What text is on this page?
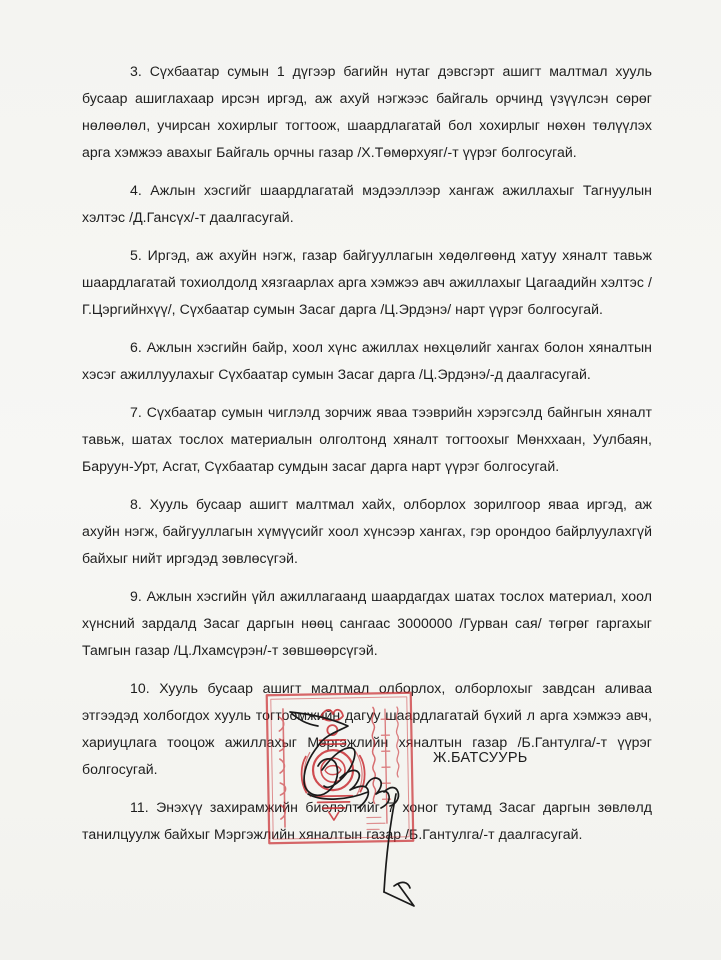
3. Сүхбаатар сумын 1 дүгээр багийн нутаг дэвсгэрт ашигт малтмал хууль бусаар ашиглахаар ирсэн иргэд, аж ахуй нэгжээс байгаль орчинд үзүүлсэн сөрөг нөлөөлөл, учирсан хохирлыг тогтоож, шаардлагатай бол хохирлыг нөхөн төлүүлэх арга хэмжээ авахыг Байгаль орчны газар /Х.Төмөрхуяг/-т үүрэг болгосугай.

4. Ажлын хэсгийг шаардлагатай мэдээллээр хангаж ажиллахыг Тагнуулын хэлтэс /Д.Гансүх/-т даалгасугай.

5. Иргэд, аж ахуйн нэгж, газар байгууллагын хөдөлгөөнд хатуу хяналт тавьж шаардлагатай тохиолдолд хязгаарлах арга хэмжээ авч ажиллахыг Цагаадийн хэлтэс /Г.Цэргийнхүү/, Сүхбаатар сумын Засаг дарга /Ц.Эрдэнэ/ нарт үүрэг болгосугай.

6. Ажлын хэсгийн байр, хоол хүнс ажиллах нөхцөлийг хангах болон хяналтын хэсэг ажиллуулахыг Сүхбаатар сумын Засаг дарга /Ц.Эрдэнэ/-д даалгасугай.

7. Сүхбаатар сумын чиглэлд зорчиж яваа тээврийн хэрэгсэлд байнгын хяналт тавьж, шатах тослох материалын олголтонд хяналт тогтоохыг Мөнххаан, Уулбаян, Баруун-Урт, Асгат, Сүхбаатар сумдын засаг дарга нарт үүрэг болгосугай.

8. Хууль бусаар ашигт малтмал хайх, олборлох зорилгоор яваа иргэд, аж ахуйн нэгж, байгууллагын хүмүүсийг хоол хүнсээр хангах, гэр орондоо байрлуулахгүй байхыг нийт иргэдэд зөвлөсүгэй.

9. Ажлын хэсгийн үйл ажиллагаанд шаардагдах шатах тослох материал, хоол хүнсний зардалд Засаг даргын нөөц сангаас 3000000 /Гурван сая/ төгрөг гаргахыг Тамгын газар /Ц.Лхамсүрэн/-т зөвшөөрсүгэй.

10. Хууль бусаар ашигт малтмал олборлох, олборлохыг завдсан аливаа этгээдэд холбогдох хууль тогтоомжийн дагуу шаардлагатай бүхий л арга хэмжээ авч, хариуцлага тооцож ажиллахыг Мэргэжлийн хяналтын газар /Б.Гантулга/-т үүрэг болгосугай.

11. Энэхүү захирамжийн биелэлтийг 7 хоног тутамд Засаг даргын зөвлөлд танилцуулж байхыг Мэргэжлийн хяналтын газар /Б.Гантулга/-т даалгасугай.

Ж.БАТСУУРЬ
